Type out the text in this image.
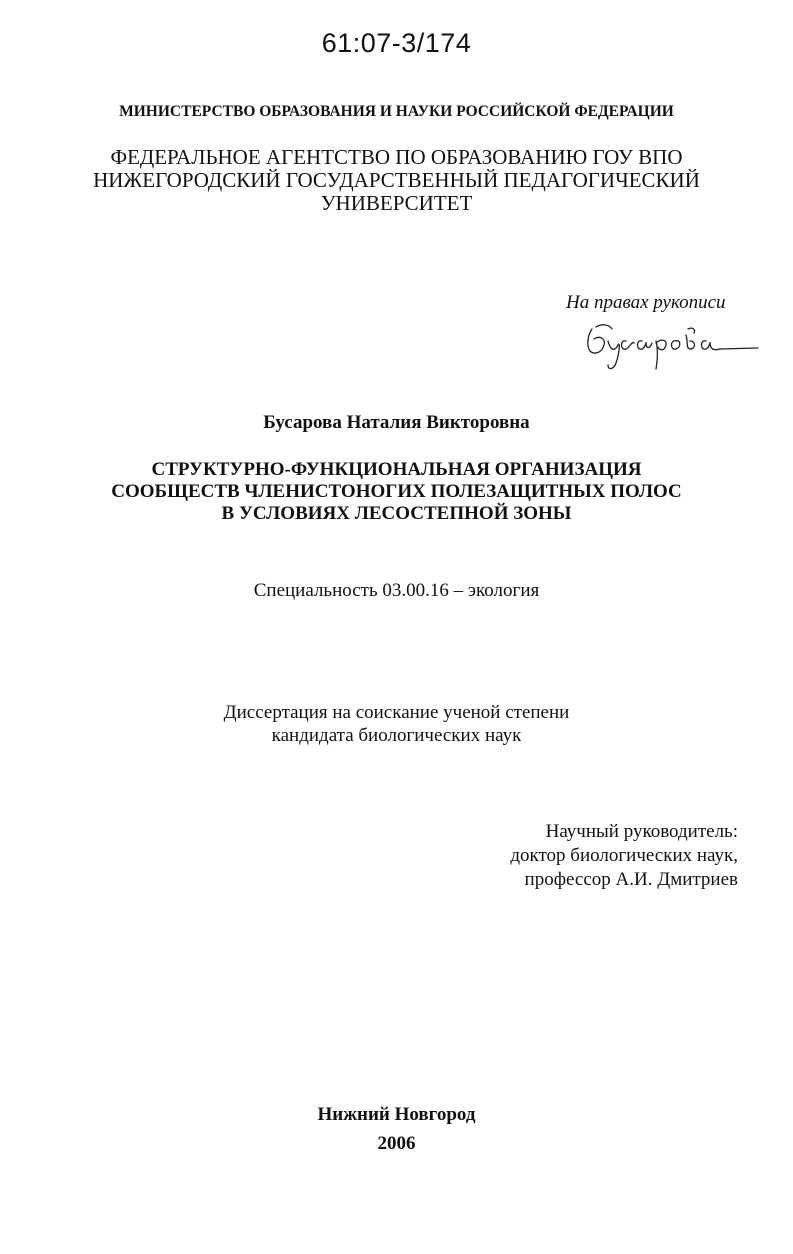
61:07-3/174
МИНИСТЕРСТВО ОБРАЗОВАНИЯ И НАУКИ РОССИЙСКОЙ ФЕДЕРАЦИИ
ФЕДЕРАЛЬНОЕ АГЕНТСТВО ПО ОБРАЗОВАНИЮ ГОУ ВПО
НИЖЕГОРОДСКИЙ ГОСУДАРСТВЕННЫЙ ПЕДАГОГИЧЕСКИЙ
УНИВЕРСИТЕТ
На правах рукописи
Бусарова Наталия Викторовна
СТРУКТУРНО-ФУНКЦИОНАЛЬНАЯ ОРГАНИЗАЦИЯ
СООБЩЕСТВ ЧЛЕНИСТОНОГИХ ПОЛЕЗАЩИТНЫХ ПОЛОС
В УСЛОВИЯХ ЛЕСОСТЕПНОЙ ЗОНЫ
Специальность 03.00.16 – экология
Диссертация на соискание ученой степени
кандидата биологических наук
Научный руководитель:
доктор биологических наук,
профессор А.И. Дмитриев
Нижний Новгород
2006
